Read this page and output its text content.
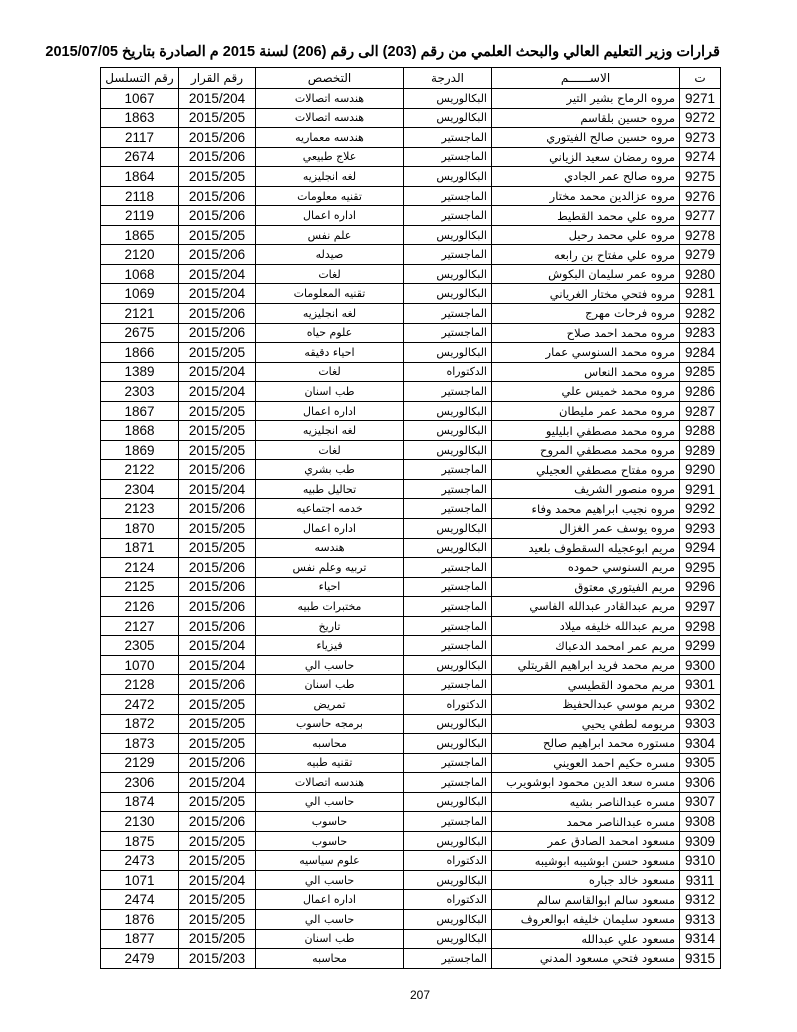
قرارات وزير التعليم العالي والبحث العلمي من رقم (203) الى رقم (206) لسنة 2015 م الصادرة بتاريخ 2015/07/05
ت	الاســــــم	الدرجة	التخصص	رقم القرار	رقم التسلسل
9271	مروه الرماح بشير التير	البكالوريس	هندسه اتصالات	2015/204	1067
9272	مروه حسين بلقاسم	البكالوريس	هندسه اتصالات	2015/205	1863
9273	مروه حسين صالح الفيتوري	الماجستير	هندسه معماريه	2015/206	2117
9274	مروه رمضان سعيد الزياني	الماجستير	علاج طبيعي	2015/206	2674
9275	مروه صالح عمر الجادي	البكالوريس	لغه انجليزيه	2015/205	1864
9276	مروه عزالدين محمد مختار	الماجستير	تقنيه معلومات	2015/206	2118
9277	مروه علي محمد القطيط	الماجستير	اداره اعمال	2015/206	2119
9278	مروه علي محمد رحيل	البكالوريس	علم نفس	2015/205	1865
9279	مروه علي مفتاح بن رابعه	الماجستير	صيدله	2015/206	2120
9280	مروه عمر سليمان البكوش	البكالوريس	لغات	2015/204	1068
9281	مروه فتحي مختار الغرياني	البكالوريس	تقنيه المعلومات	2015/204	1069
9282	مروه فرحات مهرج	الماجستير	لغه انجليزيه	2015/206	2121
9283	مروه محمد احمد صلاح	الماجستير	علوم حياه	2015/206	2675
9284	مروه محمد السنوسي عمار	البكالوريس	احياء دقيقه	2015/205	1866
9285	مروه محمد النعاس	الدكتوراه	لغات	2015/204	1389
9286	مروه محمد خميس علي	الماجستير	طب اسنان	2015/204	2303
9287	مروه محمد عمر مليطان	البكالوريس	اداره اعمال	2015/205	1867
9288	مروه محمد مصطفي ابليليو	البكالوريس	لغه انجليزيه	2015/205	1868
9289	مروه محمد مصطفي المروح	البكالوريس	لغات	2015/205	1869
9290	مروه مفتاح مصطفي العجيلي	الماجستير	طب بشري	2015/206	2122
9291	مروه منصور الشريف	الماجستير	تحاليل طبيه	2015/204	2304
9292	مروه نجيب ابراهيم محمد وفاء	الماجستير	خدمه اجتماعيه	2015/206	2123
9293	مروه يوسف عمر الغزال	البكالوريس	اداره اعمال	2015/205	1870
9294	مريم ابوعجيله السقطوف بلعيد	البكالوريس	هندسه	2015/205	1871
9295	مريم السنوسي حموده	الماجستير	تربيه وعلم نفس	2015/206	2124
9296	مريم الفيتوري معتوق	الماجستير	احياء	2015/206	2125
9297	مريم عبدالقادر عبدالله الفاسي	الماجستير	مختبرات طبيه	2015/206	2126
9298	مريم عبدالله خليفه ميلاد	الماجستير	تاريخ	2015/206	2127
9299	مريم عمر امحمد الدعباك	الماجستير	فيزياء	2015/204	2305
9300	مريم محمد فريد ابراهيم القريتلي	البكالوريس	حاسب الي	2015/204	1070
9301	مريم محمود القطيسي	الماجستير	طب اسنان	2015/206	2128
9302	مريم موسي عبدالحفيظ	الدكتوراه	تمريض	2015/205	2472
9303	مريومه لطفي يحيي	البكالوريس	برمجه حاسوب	2015/205	1872
9304	مستوره محمد ابراهيم صالح	البكالوريس	محاسبه	2015/205	1873
9305	مسره حكيم احمد العويني	الماجستير	تقنيه طبيه	2015/206	2129
9306	مسره سعد الدين محمود ابوشويرب	الماجستير	هندسه اتصالات	2015/204	2306
9307	مسره عبدالناصر بشيه	البكالوريس	حاسب الي	2015/205	1874
9308	مسره عبدالناصر محمد	الماجستير	حاسوب	2015/206	2130
9309	مسعود امحمد الصادق عمر	البكالوريس	حاسوب	2015/205	1875
9310	مسعود حسن ابوشيبه ابوشيبه	الدكتوراه	علوم سياسيه	2015/205	2473
9311	مسعود خالد جباره	البكالوريس	حاسب الي	2015/204	1071
9312	مسعود سالم ابوالقاسم سالم	الدكتوراه	اداره اعمال	2015/205	2474
9313	مسعود سليمان خليفه ابوالعروف	البكالوريس	حاسب الي	2015/205	1876
9314	مسعود علي عبدالله	البكالوريس	طب اسنان	2015/205	1877
9315	مسعود فتحي مسعود المدني	الماجستير	محاسبه	2015/203	2479
207
